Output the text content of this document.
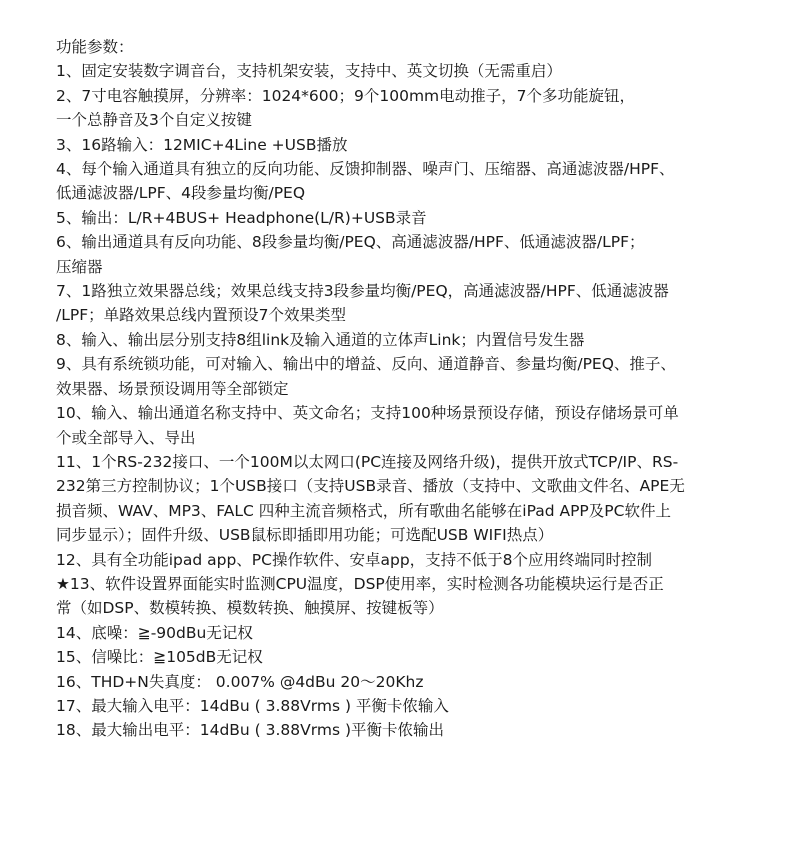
功能参数：
1、固定安装数字调音台，支持机架安装，支持中、英文切换（无需重启）
2、7寸电容触摸屏，分辨率：1024*600；9个100mm电动推子，7个多功能旋钮，
一个总静音及3个自定义按键
3、16路输入：12MIC+4Line +USB播放
4、每个输入通道具有独立的反向功能、反馈抑制器、噪声门、压缩器、高通滤波器/HPF、
低通滤波器/LPF、4段参量均衡/PEQ
5、输出：L/R+4BUS+ Headphone(L/R)+USB录音
6、输出通道具有反向功能、8段参量均衡/PEQ、高通滤波器/HPF、低通滤波器/LPF；
压缩器
7、1路独立效果器总线；效果总线支持3段参量均衡/PEQ，高通滤波器/HPF、低通滤波器
/LPF；单路效果总线内置预设7个效果类型
8、输入、输出层分别支持8组link及输入通道的立体声Link；内置信号发生器
9、具有系统锁功能，可对输入、输出中的增益、反向、通道静音、参量均衡/PEQ、推子、
效果器、场景预设调用等全部锁定
10、输入、输出通道名称支持中、英文命名；支持100种场景预设存储，预设存储场景可单
个或全部导入、导出
11、1个RS-232接口、一个100M以太网口(PC连接及网络升级)，提供开放式TCP/IP、RS-
232第三方控制协议；1个USB接口（支持USB录音、播放（支持中、文歌曲文件名、APE无
损音频、WAV、MP3、FALC 四种主流音频格式，所有歌曲名能够在iPad APP及PC软件上
同步显示）；固件升级、USB鼠标即插即用功能；可选配USB WIFI热点）
12、具有全功能ipad app、PC操作软件、安卓app，支持不低于8个应用终端同时控制
★13、软件设置界面能实时监测CPU温度，DSP使用率，实时检测各功能模块运行是否正
常（如DSP、数模转换、模数转换、触摸屏、按键板等）
14、底噪：≧-90dBu无记权
15、信噪比：≧105dB无记权
16、THD+N失真度： 0.007% @4dBu 20～20Khz
17、最大输入电平：14dBu ( 3.88Vrms ) 平衡卡侬输入
18、最大输出电平：14dBu ( 3.88Vrms )平衡卡侬输出
